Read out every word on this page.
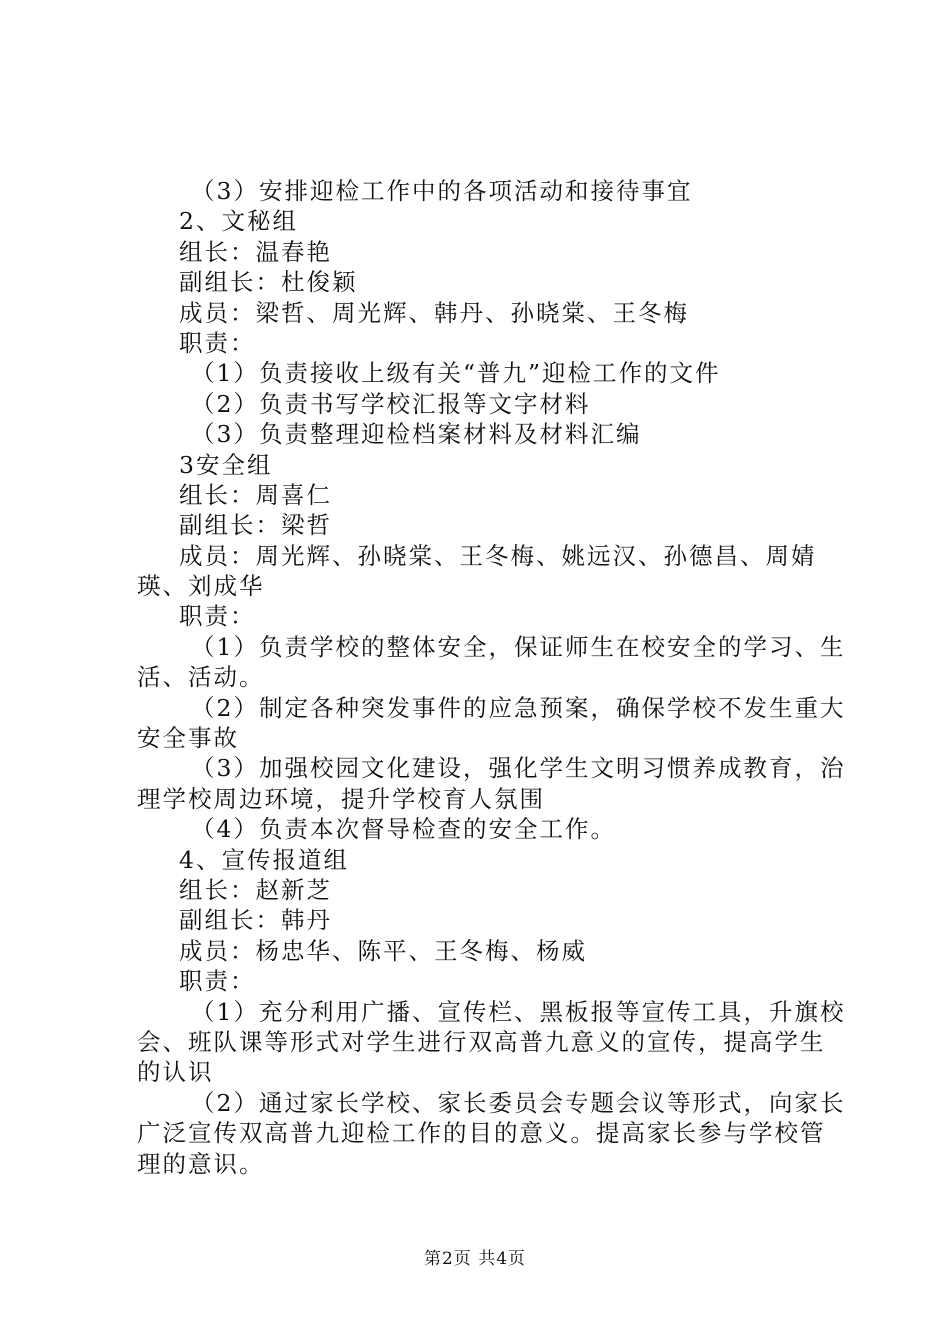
（3）安排迎检工作中的各项活动和接待事宜
2、文秘组
组长：温春艳
副组长：杜俊颖
成员：梁哲、周光辉、韩丹、孙晓棠、王冬梅
职责：
（1）负责接收上级有关“普九”迎检工作的文件
（2）负责书写学校汇报等文字材料
（3）负责整理迎检档案材料及材料汇编
3安全组
组长：周喜仁
副组长：梁哲
成员：周光辉、孙晓棠、王冬梅、姚远汉、孙德昌、周婧
瑛、刘成华
职责：
（1）负责学校的整体安全，保证师生在校安全的学习、生
活、活动。
（2）制定各种突发事件的应急预案，确保学校不发生重大
安全事故
（3）加强校园文化建设，强化学生文明习惯养成教育，治
理学校周边环境，提升学校育人氛围
（4）负责本次督导检查的安全工作。
4、宣传报道组
组长：赵新芝
副组长：韩丹
成员：杨忠华、陈平、王冬梅、杨威
职责：
（1）充分利用广播、宣传栏、黑板报等宣传工具，升旗校
会、班队课等形式对学生进行双高普九意义的宣传，提高学生
的认识
（2）通过家长学校、家长委员会专题会议等形式，向家长
广泛宣传双高普九迎检工作的目的意义。提高家长参与学校管
理的意识。
第2页 共4页
